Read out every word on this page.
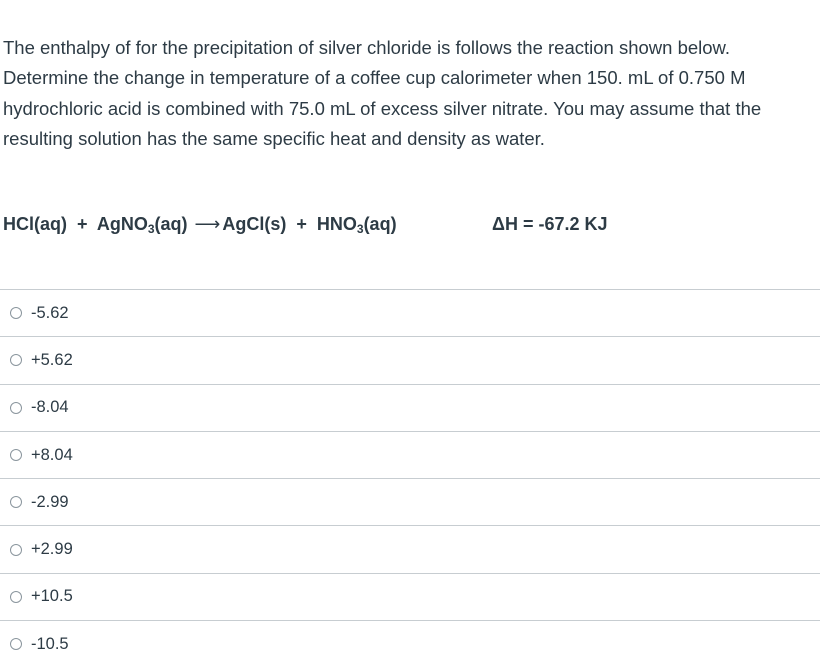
The enthalpy of for the precipitation of silver chloride is follows the reaction shown below. Determine the change in temperature of a coffee cup calorimeter when 150. mL of 0.750 M hydrochloric acid is combined with 75.0 mL of excess silver nitrate. You may assume that the resulting solution has the same specific heat and density as water.

HCl(aq)  +  AgNO$_3$(aq) ⟶ AgCl(s)  +  $HNO_3(aq)$	ΔH = -67.2 KJ
-5.62
+5.62
-8.04
+8.04
-2.99
+2.99
+10.5
-10.5
